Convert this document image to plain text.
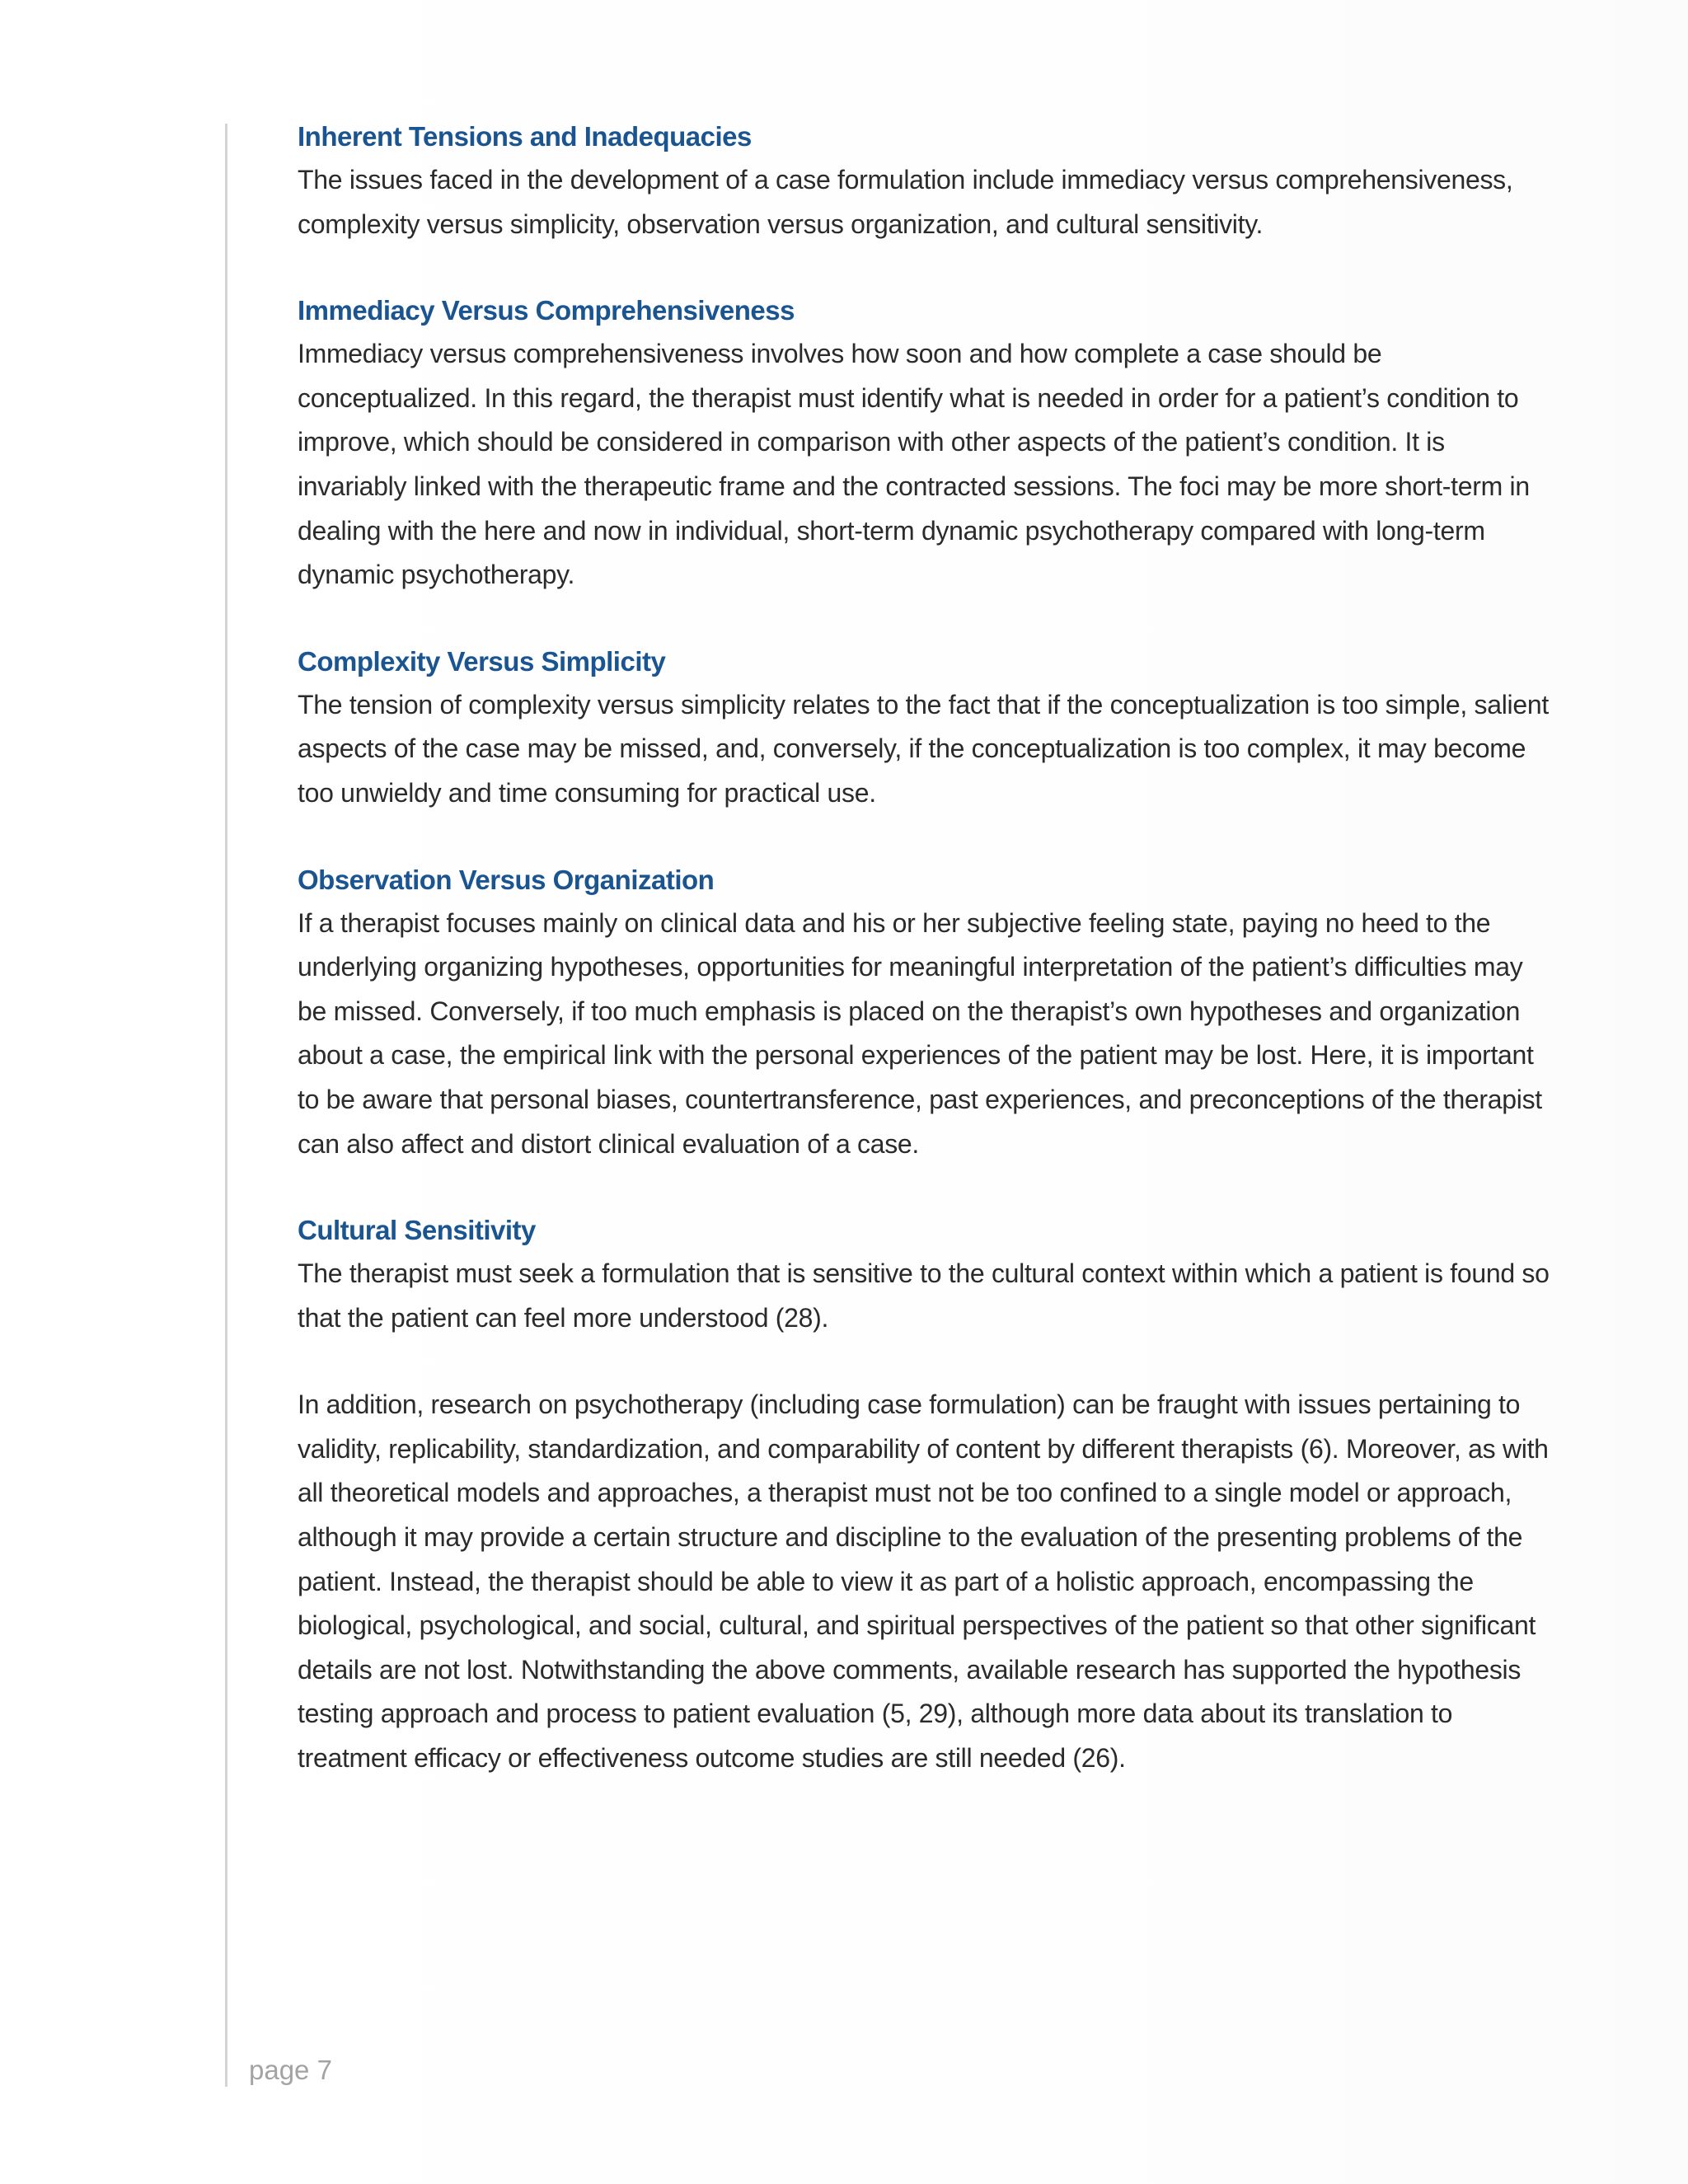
Inherent Tensions and Inadequacies

The issues faced in the development of a case formulation include immediacy versus comprehensiveness, complexity versus simplicity, observation versus organization, and cultural sensitivity.

Immediacy Versus Comprehensiveness

Immediacy versus comprehensiveness involves how soon and how complete a case should be conceptualized. In this regard, the therapist must identify what is needed in order for a patient’s condition to improve, which should be considered in comparison with other aspects of the patient’s condition. It is invariably linked with the therapeutic frame and the contracted sessions. The foci may be more short-term in dealing with the here and now in individual, short-term dynamic psychotherapy compared with long-term dynamic psychotherapy.

Complexity Versus Simplicity

The tension of complexity versus simplicity relates to the fact that if the conceptualization is too simple, salient aspects of the case may be missed, and, conversely, if the conceptualization is too complex, it may become too unwieldy and time consuming for practical use.

Observation Versus Organization

If a therapist focuses mainly on clinical data and his or her subjective feeling state, paying no heed to the underlying organizing hypotheses, opportunities for meaningful interpretation of the patient’s difficulties may be missed. Conversely, if too much emphasis is placed on the therapist’s own hypotheses and organization about a case, the empirical link with the personal experiences of the patient may be lost. Here, it is important to be aware that personal biases, countertransference, past experiences, and preconceptions of the therapist can also affect and distort clinical evaluation of a case.

Cultural Sensitivity

The therapist must seek a formulation that is sensitive to the cultural context within which a patient is found so that the patient can feel more understood (28).

In addition, research on psychotherapy (including case formulation) can be fraught with issues pertaining to validity, replicability, standardization, and comparability of content by different therapists (6). Moreover, as with all theoretical models and approaches, a therapist must not be too confined to a single model or approach, although it may provide a certain structure and discipline to the evaluation of the presenting problems of the patient. Instead, the therapist should be able to view it as part of a holistic approach, encompassing the biological, psychological, and social, cultural, and spiritual perspectives of the patient so that other significant details are not lost. Notwithstanding the above comments, available research has supported the hypothesis testing approach and process to patient evaluation (5, 29), although more data about its translation to treatment efficacy or effectiveness outcome studies are still needed (26).

page 7
